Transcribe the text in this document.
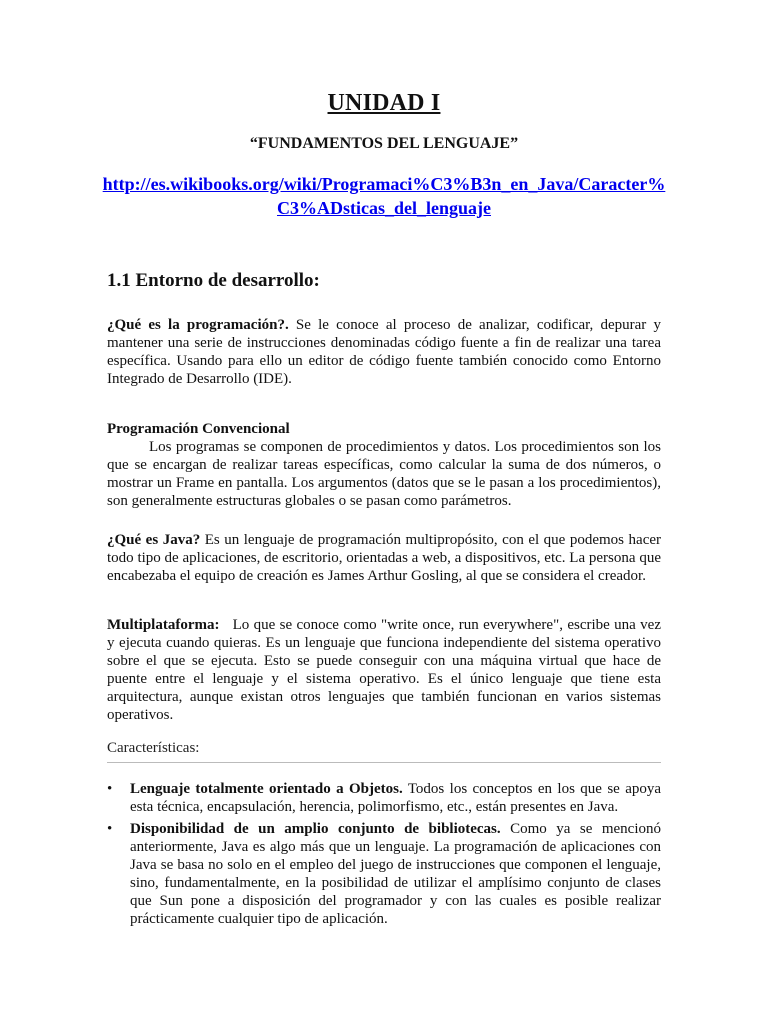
UNIDAD I
“FUNDAMENTOS DEL LENGUAJE”
http://es.wikibooks.org/wiki/Programaci%C3%B3n_en_Java/Caracter%
C3%ADsticas_del_lenguaje
1.1 Entorno de desarrollo:
¿Qué es la programación?. Se le conoce al proceso de analizar, codificar, depurar y mantener una serie de instrucciones denominadas código fuente a fin de realizar una tarea específica. Usando para ello un editor de código fuente también conocido como Entorno Integrado de Desarrollo (IDE).
Programación Convencional
Los programas se componen de procedimientos y datos. Los procedimientos son los que se encargan de realizar tareas específicas, como calcular la suma de dos números, o mostrar un Frame en pantalla. Los argumentos (datos que se le pasan a los procedimientos), son generalmente estructuras globales o se pasan como parámetros.
¿Qué es Java? Es un lenguaje de programación multipropósito, con el que podemos hacer todo tipo de aplicaciones, de escritorio, orientadas a web, a dispositivos, etc. La persona que encabezaba el equipo de creación es James Arthur Gosling, al que se considera el creador.
Multiplataforma:   Lo que se conoce como "write once, run everywhere", escribe una vez y ejecuta cuando quieras. Es un lenguaje que funciona independiente del sistema operativo sobre el que se ejecuta. Esto se puede conseguir con una máquina virtual que hace de puente entre el lenguaje y el sistema operativo. Es el único lenguaje que tiene esta arquitectura, aunque existan otros lenguajes que también funcionan en varios sistemas operativos.
Características:
• Lenguaje totalmente orientado a Objetos. Todos los conceptos en los que se apoya esta técnica, encapsulación, herencia, polimorfismo, etc., están presentes en Java.
• Disponibilidad de un amplio conjunto de bibliotecas. Como ya se mencionó anteriormente, Java es algo más que un lenguaje. La programación de aplicaciones con Java se basa no solo en el empleo del juego de instrucciones que componen el lenguaje, sino, fundamentalmente, en la posibilidad de utilizar el amplísimo conjunto de clases que Sun pone a disposición del programador y con las cuales es posible realizar prácticamente cualquier tipo de aplicación.
